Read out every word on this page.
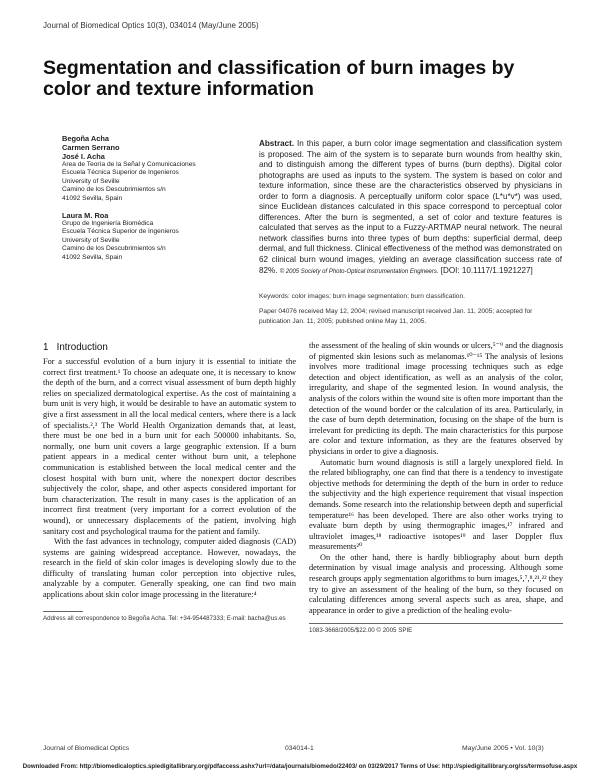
Journal of Biomedical Optics 10(3), 034014 (May/June 2005)
Segmentation and classification of burn images by color and texture information
Begoña Acha
Carmen Serrano
José I. Acha
Area de Teoría de la Señal y Comunicaciones
Escuela Técnica Superior de Ingenieros
University of Seville
Camino de los Descubrimientos s/n
41092 Sevilla, Spain
Laura M. Roa
Grupo de Ingeniería Biomédica
Escuela Técnica Superior de Ingenieros
University of Seville
Camino de los Descubrimientos s/n
41092 Sevilla, Spain
Abstract. In this paper, a burn color image segmentation and classification system is proposed. The aim of the system is to separate burn wounds from healthy skin, and to distinguish among the different types of burns (burn depths). Digital color photographs are used as inputs to the system. The system is based on color and texture information, since these are the characteristics observed by physicians in order to form a diagnosis. A perceptually uniform color space (L*u*v*) was used, since Euclidean distances calculated in this space correspond to perceptual color differences. After the burn is segmented, a set of color and texture features is calculated that serves as the input to a Fuzzy-ARTMAP neural network. The neural network classifies burns into three types of burn depths: superficial dermal, deep dermal, and full thickness. Clinical effectiveness of the method was demonstrated on 62 clinical burn wound images, yielding an average classification success rate of 82%. © 2005 Society of Photo-Optical Instrumentation Engineers. [DOI: 10.1117/1.1921227]
Keywords: color images; burn image segmentation; burn classification.
Paper 04076 received May 12, 2004; revised manuscript received Jan. 11, 2005; accepted for publication Jan. 11, 2005; published online May 11, 2005.
1 Introduction

For a successful evolution of a burn injury it is essential to initiate the correct first treatment.¹ To choose an adequate one, it is necessary to know the depth of the burn, and a correct visual assessment of burn depth highly relies on specialized dermatological expertise. As the cost of maintaining a burn unit is very high, it would be desirable to have an automatic system to give a first assessment in all the local medical centers, where there is a lack of specialists.²,³ The World Health Organization demands that, at least, there must be one bed in a burn unit for each 500000 inhabitants. So, normally, one burn unit covers a large geographic extension. If a burn patient appears in a medical center without burn unit, a telephone communication is established between the local medical center and the closest hospital with burn unit, where the nonexpert doctor describes subjectively the color, shape, and other aspects considered important for burn characterization. The result in many cases is the application of an incorrect first treatment (very important for a correct evolution of the wound), or unnecessary displacements of the patient, involving high sanitary cost and psychological trauma for the patient and family.

With the fast advances in technology, computer aided diagnosis (CAD) systems are gaining widespread acceptance. However, nowadays, the research in the field of skin color images is developing slowly due to the difficulty of translating human color perception into objective rules, analyzable by a computer. Generally speaking, one can find two main applications about skin color image processing in the literature:⁴

Address all correspondence to Begoña Acha. Tel: +34-954487333; E-mail: bacha@us.es

the assessment of the healing of skin wounds or ulcers,⁵⁻⁹ and the diagnosis of pigmented skin lesions such as melanomas.¹⁰⁻¹⁵ The analysis of lesions involves more traditional image processing techniques such as edge detection and object identification, as well as an analysis of the color, irregularity, and shape of the segmented lesion. In wound analysis, the analysis of the colors within the wound site is often more important than the detection of the wound border or the calculation of its area. Particularly, in the case of burn depth determination, focusing on the shape of the burn is irrelevant for predicting its depth. The main characteristics for this purpose are color and texture information, as they are the features observed by physicians in order to give a diagnosis.

Automatic burn wound diagnosis is still a largely unexplored field. In the related bibliography, one can find that there is a tendency to investigate objective methods for determining the depth of the burn in order to reduce the subjectivity and the high experience requirement that visual inspection demands. Some research into the relationship between depth and superficial temperature¹⁶ has been developed. There are also other works trying to evaluate burn depth by using thermographic images,¹⁷ infrared and ultraviolet images,¹⁸ radioactive isotopes¹⁹ and laser Doppler flux measurements²⁰

On the other hand, there is hardly bibliography about burn depth determination by visual image analysis and processing. Although some research groups apply segmentation algorithms to burn images,⁵,⁷,⁸,²¹,²² they try to give an assessment of the healing of the burn, so they focused on calculating differences among several aspects such as area, shape, and appearance in order to give a prediction of the healing evolu-

1083-3668/2005/$22.00 © 2005 SPIE
Journal of Biomedical Optics	034014-1	May/June 2005 • Vol. 10(3)
Downloaded From: http://biomedicaloptics.spiedigitallibrary.org/pdfaccess.ashx?url=/data/journals/biomedo/22403/ on 03/29/2017 Terms of Use: http://spiedigitallibrary.org/ss/termsofuse.aspx
